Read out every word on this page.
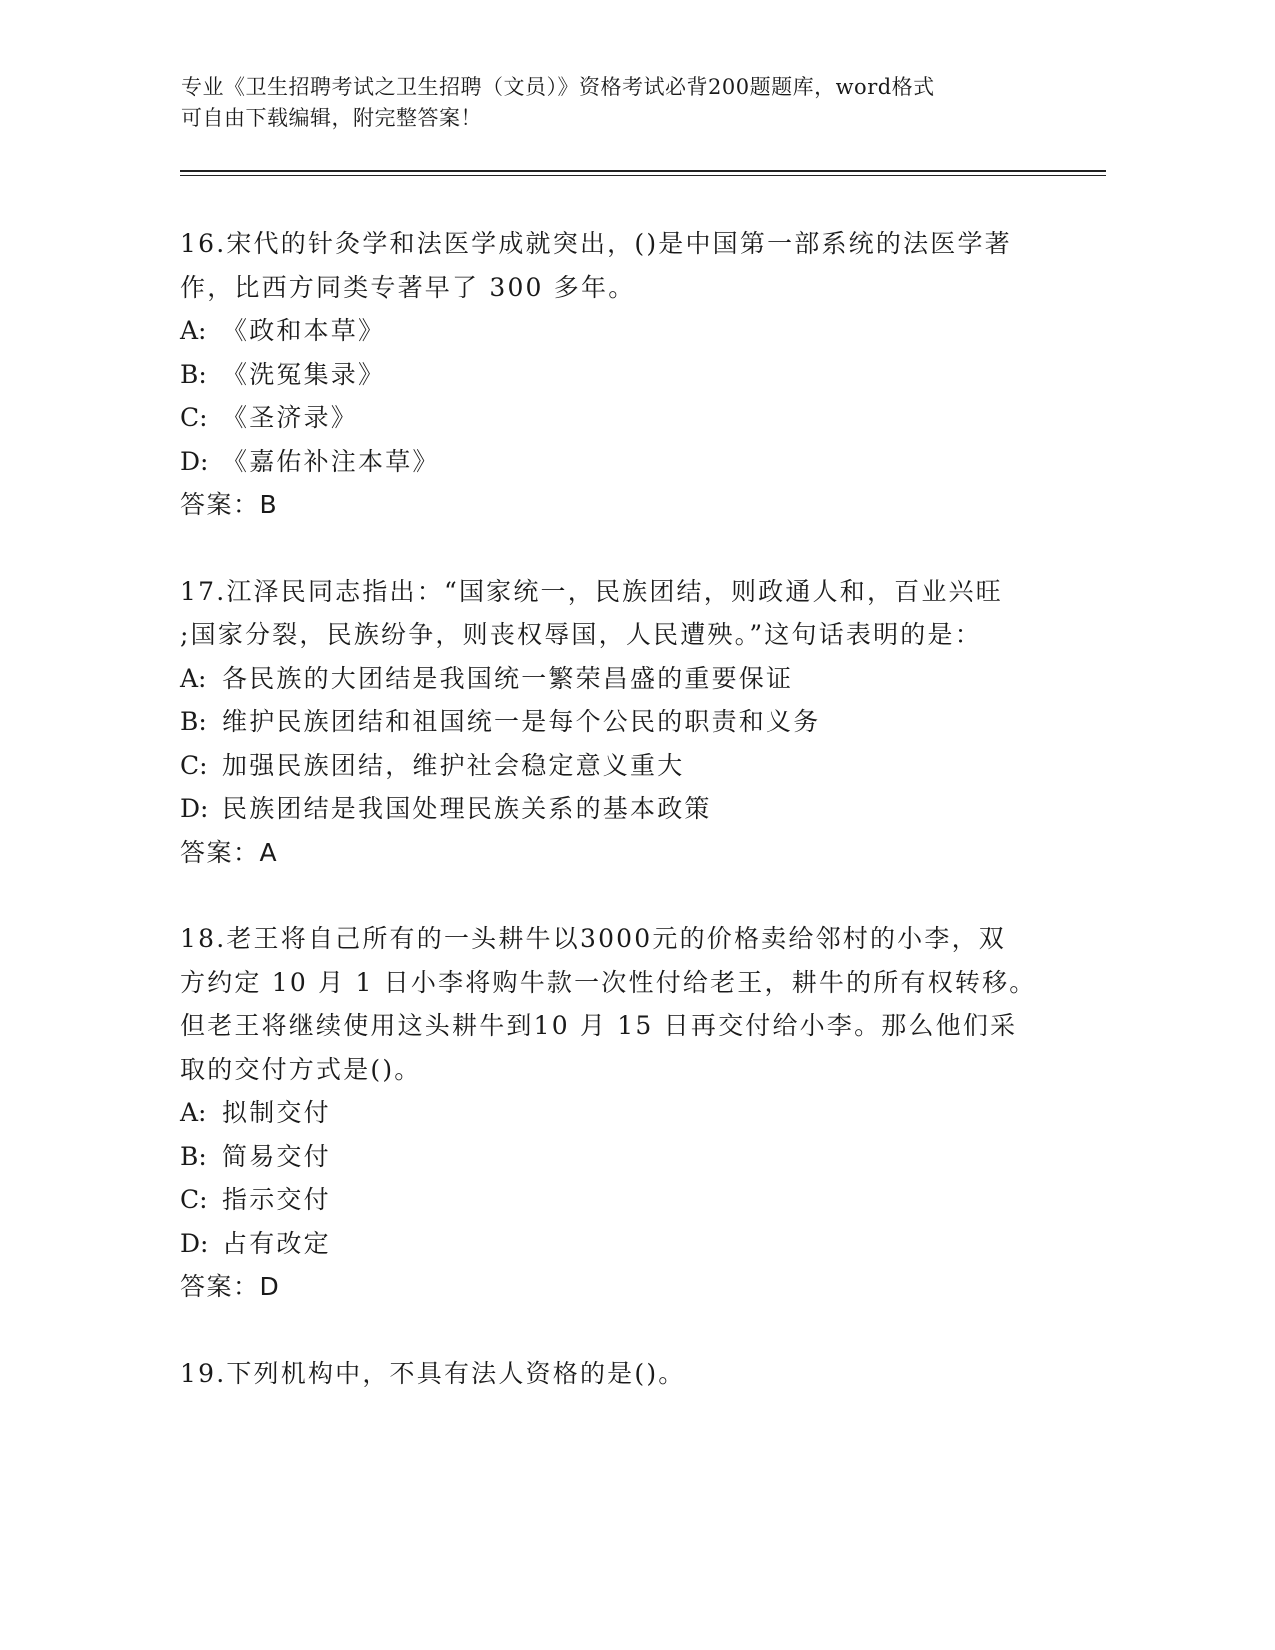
专业《卫生招聘考试之卫生招聘（文员）》资格考试必背200题题库，word格式

可自由下载编辑，附完整答案！

16.宋代的针灸学和法医学成就突出，()是中国第一部系统的法医学著

作，比西方同类专著早了 300 多年。

A: 《政和本草》

B: 《洗冤集录》

C: 《圣济录》

D: 《嘉佑补注本草》

答案：B

17.江泽民同志指出：“国家统一，民族团结，则政通人和，百业兴旺

;国家分裂，民族纷争，则丧权辱国，人民遭殃。”这句话表明的是：

A: 各民族的大团结是我国统一繁荣昌盛的重要保证

B: 维护民族团结和祖国统一是每个公民的职责和义务

C: 加强民族团结，维护社会稳定意义重大

D: 民族团结是我国处理民族关系的基本政策

答案：A

18.老王将自己所有的一头耕牛以3000元的价格卖给邻村的小李，双

方约定 10 月 1 日小李将购牛款一次性付给老王，耕牛的所有权转移。

但老王将继续使用这头耕牛到10 月 15 日再交付给小李。那么他们采

取的交付方式是()。

A: 拟制交付

B: 简易交付

C: 指示交付

D: 占有改定

答案：D

19.下列机构中，不具有法人资格的是()。
